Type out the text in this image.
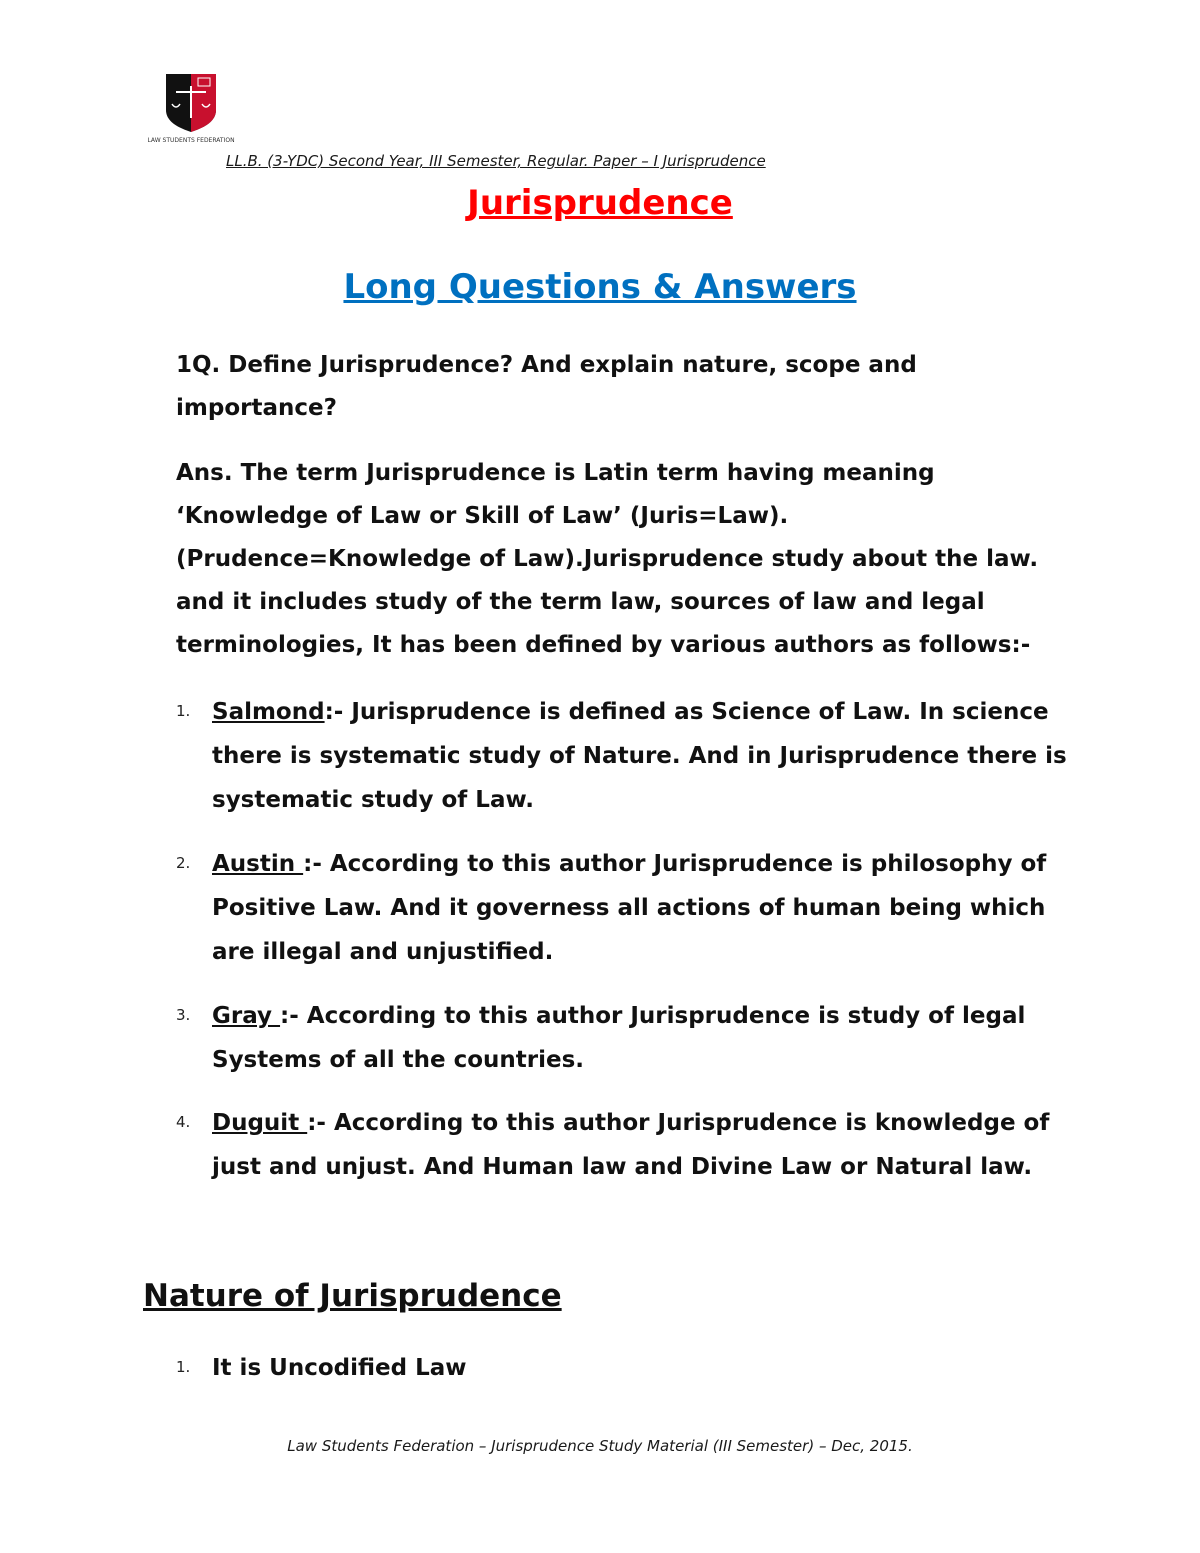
LAW STUDENTS FEDERATION
LL.B. (3-YDC) Second Year, III Semester, Regular. Paper – I Jurisprudence
Jurisprudence
Long Questions & Answers
1Q. Define Jurisprudence? And explain nature, scope and importance?
Ans. The term Jurisprudence is Latin term having meaning ‘Knowledge of Law or Skill of Law’ (Juris=Law). (Prudence=Knowledge of Law).Jurisprudence study about the law. and it includes study of the term law, sources of law and legal terminologies, It has been defined by various authors as follows:-
1. Salmond:- Jurisprudence is defined as Science of Law. In science there is systematic study of Nature. And in Jurisprudence there is systematic study of Law.
2. Austin :- According to this author Jurisprudence is philosophy of Positive Law. And it governess all actions of human being which are illegal and unjustified.
3. Gray :- According to this author Jurisprudence is study of legal Systems of all the countries.
4. Duguit :- According to this author Jurisprudence is knowledge of just and unjust. And Human law and Divine Law or Natural law.
Nature of Jurisprudence
1. It is Uncodified Law
Law Students Federation – Jurisprudence Study Material (III Semester) – Dec, 2015.
